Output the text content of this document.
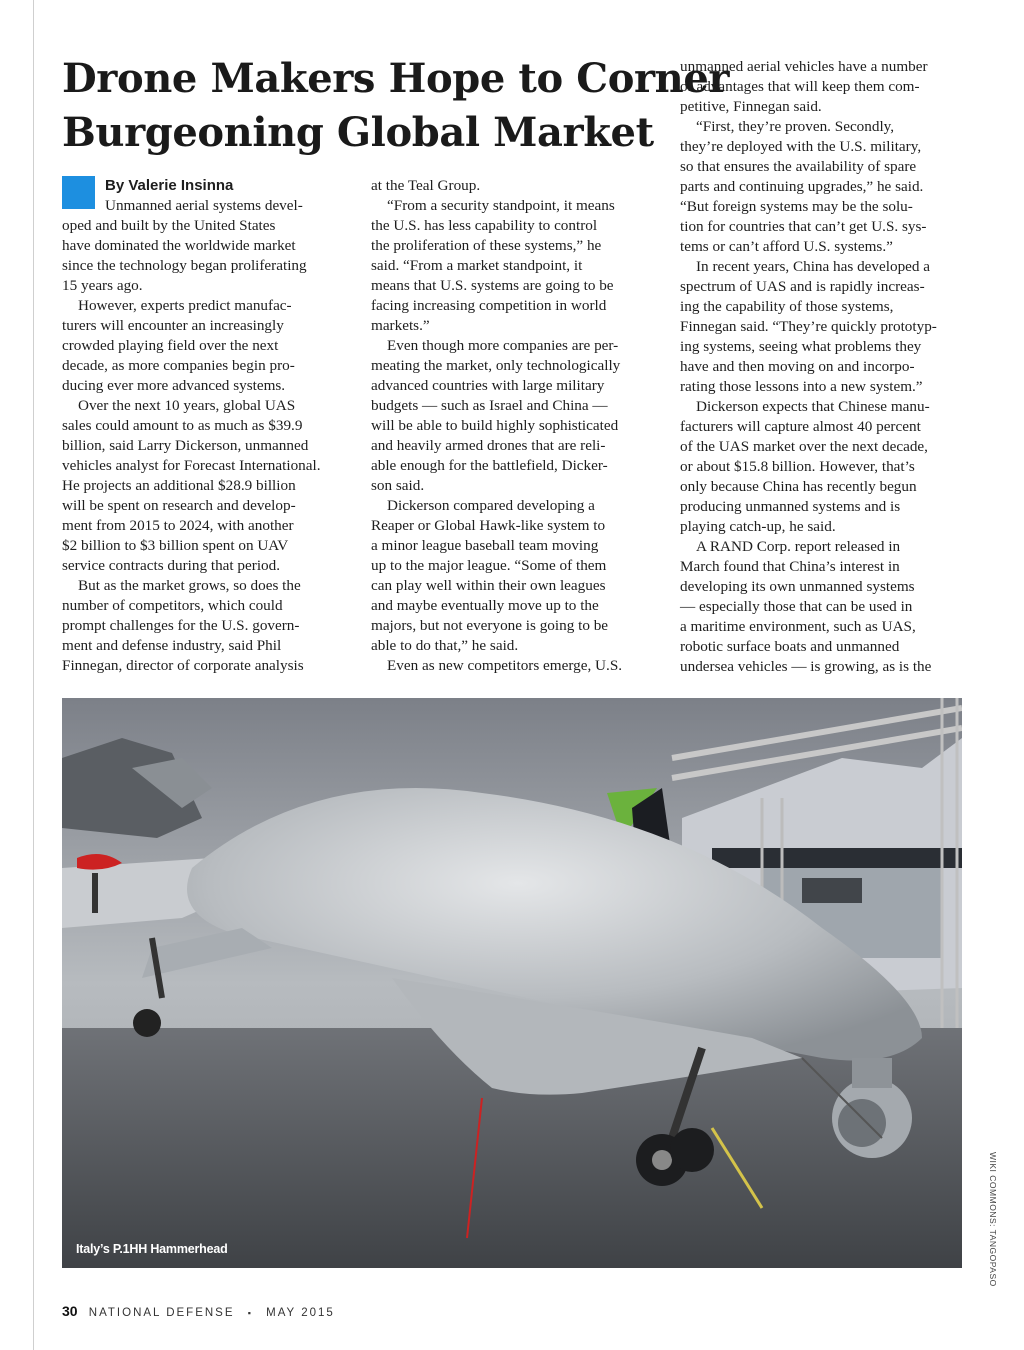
Drone Makers Hope to Corner
Burgeoning Global Market
By Valerie Insinna
Unmanned aerial systems devel-
oped and built by the United States
have dominated the worldwide market
since the technology began proliferating
15 years ago.
However, experts predict manufac-
turers will encounter an increasingly
crowded playing field over the next
decade, as more companies begin pro-
ducing ever more advanced systems.
Over the next 10 years, global UAS
sales could amount to as much as $39.9
billion, said Larry Dickerson, unmanned
vehicles analyst for Forecast International.
He projects an additional $28.9 billion
will be spent on research and develop-
ment from 2015 to 2024, with another
$2 billion to $3 billion spent on UAV
service contracts during that period.
But as the market grows, so does the
number of competitors, which could
prompt challenges for the U.S. govern-
ment and defense industry, said Phil
Finnegan, director of corporate analysis
at the Teal Group.
“From a security standpoint, it means
the U.S. has less capability to control
the proliferation of these systems,” he
said. “From a market standpoint, it
means that U.S. systems are going to be
facing increasing competition in world
markets.”
Even though more companies are per-
meating the market, only technologically
advanced countries with large military
budgets — such as Israel and China —
will be able to build highly sophisticated
and heavily armed drones that are reli-
able enough for the battlefield, Dicker-
son said.
Dickerson compared developing a
Reaper or Global Hawk-like system to
a minor league baseball team moving
up to the major league. “Some of them
can play well within their own leagues
and maybe eventually move up to the
majors, but not everyone is going to be
able to do that,” he said.
Even as new competitors emerge, U.S.
unmanned aerial vehicles have a number
of advantages that will keep them com-
petitive, Finnegan said.
“First, they’re proven. Secondly,
they’re deployed with the U.S. military,
so that ensures the availability of spare
parts and continuing upgrades,” he said.
“But foreign systems may be the solu-
tion for countries that can’t get U.S. sys-
tems or can’t afford U.S. systems.”
In recent years, China has developed a
spectrum of UAS and is rapidly increas-
ing the capability of those systems,
Finnegan said. “They’re quickly prototyp-
ing systems, seeing what problems they
have and then moving on and incorpo-
rating those lessons into a new system.”
Dickerson expects that Chinese manu-
facturers will capture almost 40 percent
of the UAS market over the next decade,
or about $15.8 billion. However, that’s
only because China has recently begun
producing unmanned systems and is
playing catch-up, he said.
A RAND Corp. report released in
March found that China’s interest in
developing its own unmanned systems
— especially those that can be used in
a maritime environment, such as UAS,
robotic surface boats and unmanned
undersea vehicles — is growing, as is the
Italy’s P.1HH Hammerhead	WIKI COMMONS: TANGOPASO
30 NATIONAL DEFENSE ▪ MAY 2015
